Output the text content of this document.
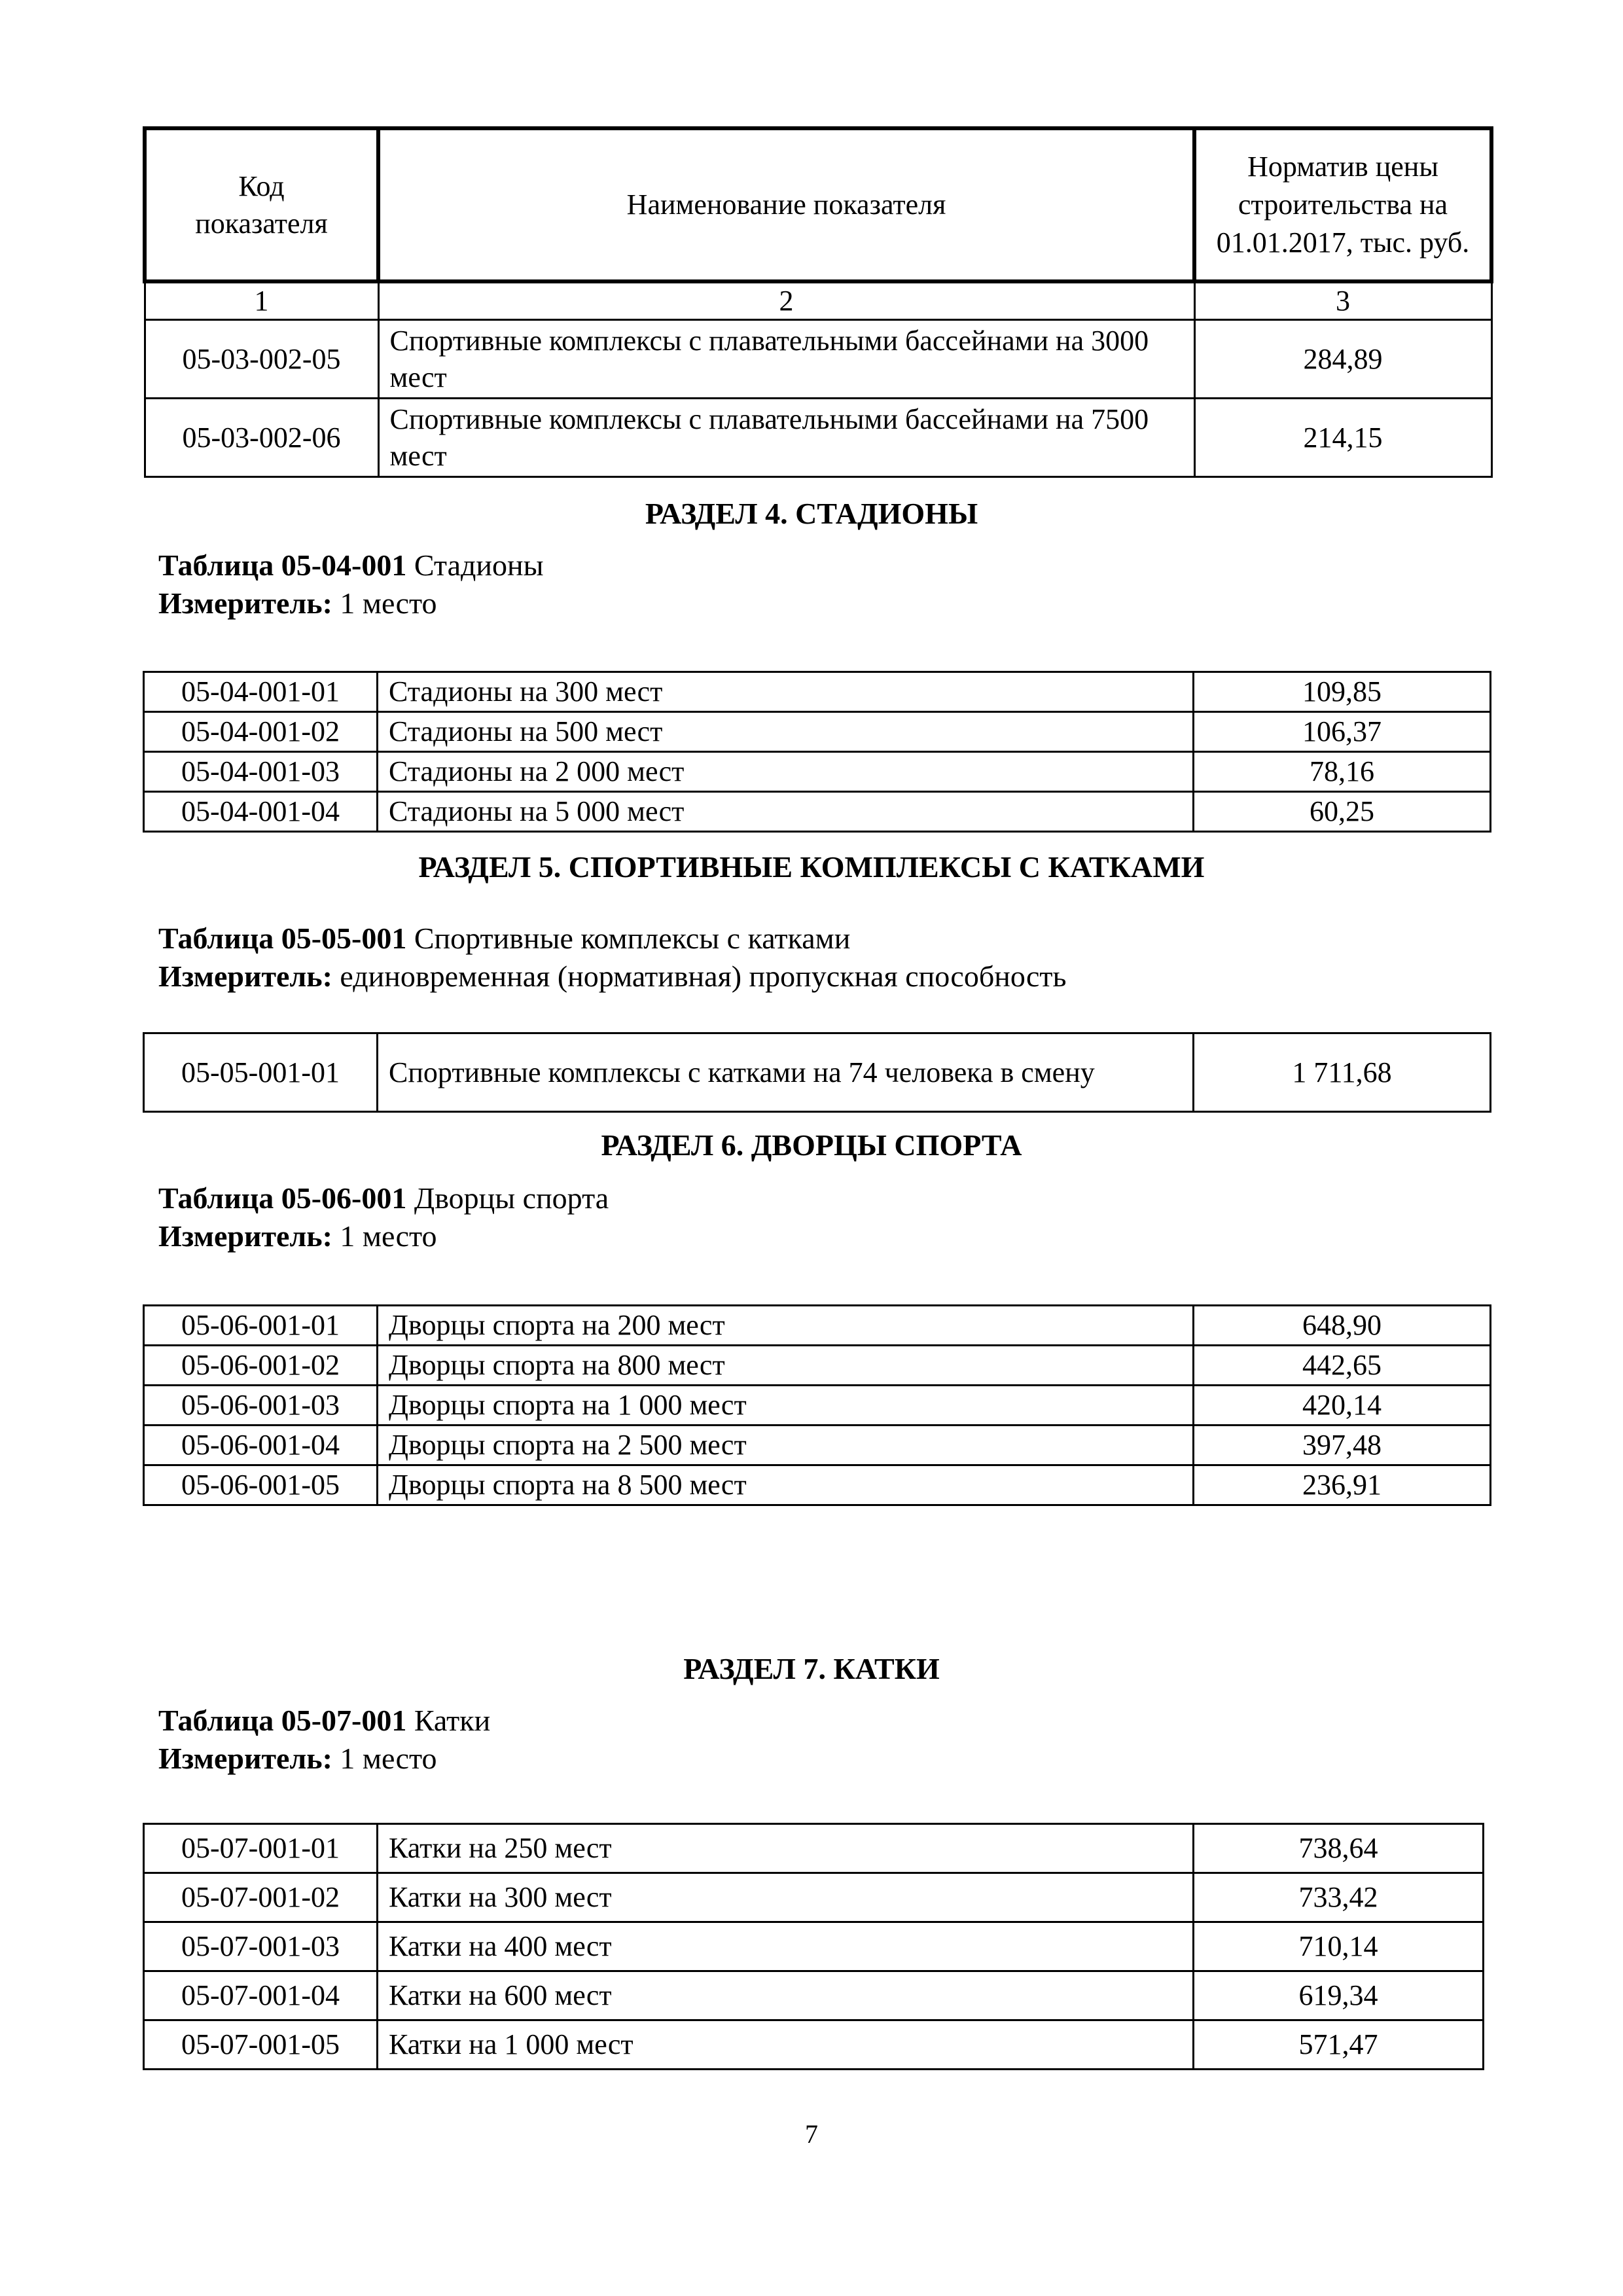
Код показателя	Наименование показателя	Норматив цены строительства на 01.01.2017, тыс. руб.
1	2	3
05-03-002-05	Спортивные комплексы с плавательными бассейнами на 3000 мест	284,89
05-03-002-06	Спортивные комплексы с плавательными бассейнами на 7500 мест	214,15
РАЗДЕЛ 4. СТАДИОНЫ
Таблица 05-04-001 Стадионы
Измеритель: 1 место
05-04-001-01	Стадионы на 300 мест	109,85
05-04-001-02	Стадионы на 500 мест	106,37
05-04-001-03	Стадионы на 2 000 мест	78,16
05-04-001-04	Стадионы на 5 000 мест	60,25
РАЗДЕЛ 5. СПОРТИВНЫЕ КОМПЛЕКСЫ С КАТКАМИ
Таблица 05-05-001 Спортивные комплексы с катками
Измеритель: единовременная (нормативная) пропускная способность
05-05-001-01	Спортивные комплексы с катками на 74 человека в смену	1 711,68
РАЗДЕЛ 6. ДВОРЦЫ СПОРТА
Таблица 05-06-001 Дворцы спорта
Измеритель: 1 место
05-06-001-01	Дворцы спорта на 200 мест	648,90
05-06-001-02	Дворцы спорта на 800 мест	442,65
05-06-001-03	Дворцы спорта на 1 000 мест	420,14
05-06-001-04	Дворцы спорта на 2 500 мест	397,48
05-06-001-05	Дворцы спорта на 8 500 мест	236,91
РАЗДЕЛ 7. КАТКИ
Таблица 05-07-001 Катки
Измеритель: 1 место
05-07-001-01	Катки на 250 мест	738,64
05-07-001-02	Катки на 300 мест	733,42
05-07-001-03	Катки на 400 мест	710,14
05-07-001-04	Катки на 600 мест	619,34
05-07-001-05	Катки на 1 000 мест	571,47
7
